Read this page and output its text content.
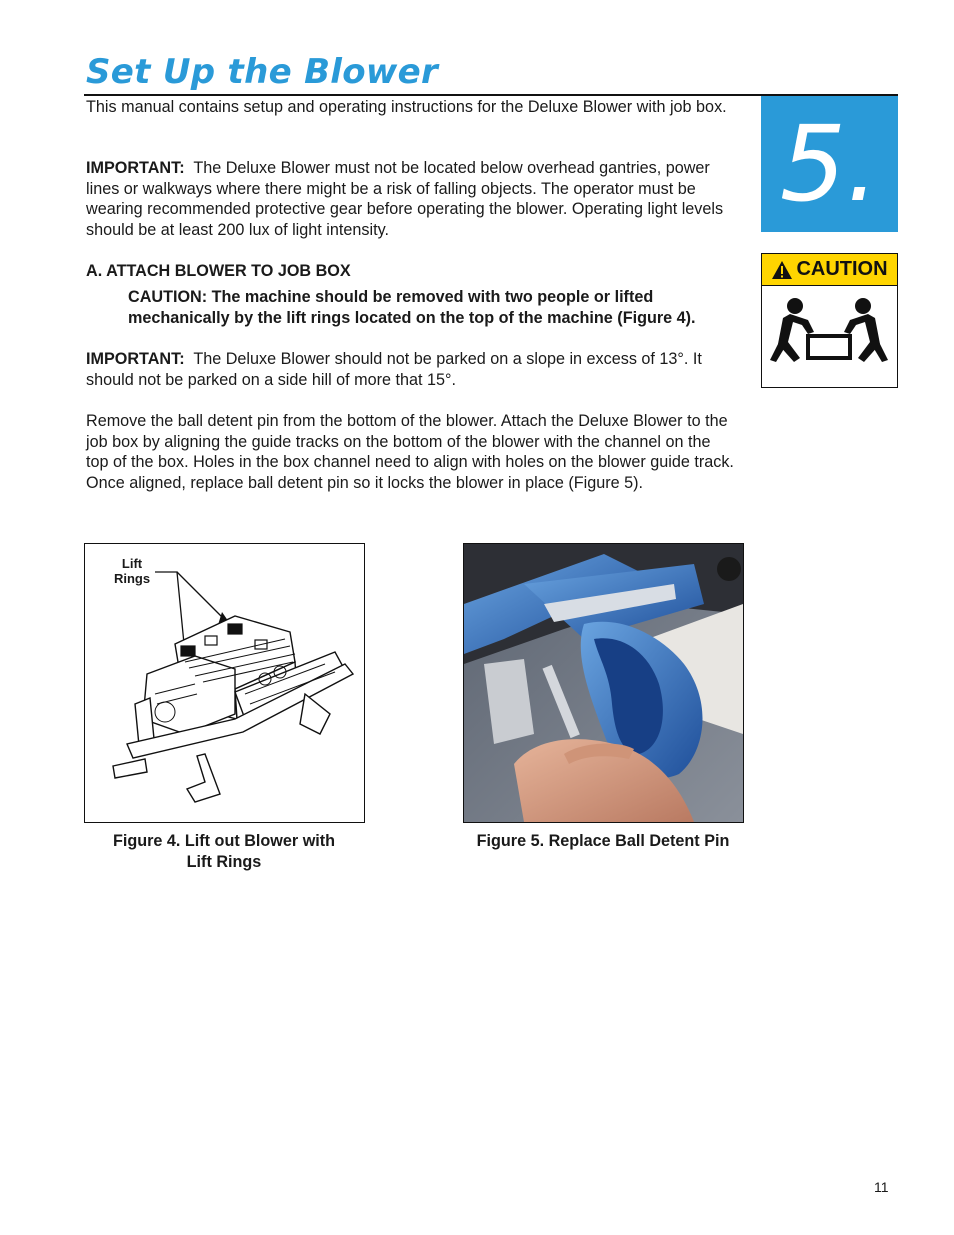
Set Up the Blower
5.
CAUTION

This manual contains setup and operating instructions for the Deluxe Blower with job box.

IMPORTANT: The Deluxe Blower must not be located below overhead gantries, power lines or walkways where there might be a risk of falling objects. The operator must be wearing recommended protective gear before operating the blower. Operating light levels should be at least 200 lux of light intensity.

A. ATTACH BLOWER TO JOB BOX

CAUTION: The machine should be removed with two people or lifted mechanically by the lift rings located on the top of the machine (Figure 4).

IMPORTANT: The Deluxe Blower should not be parked on a slope in excess of 13°. It should not be parked on a side hill of more that 15°.

Remove the ball detent pin from the bottom of the blower. Attach the Deluxe Blower to the job box by aligning the guide tracks on the bottom of the blower with the channel on the top of the box. Holes in the box channel need to align with holes on the blower guide track. Once aligned, replace ball detent pin so it locks the blower in place (Figure 5).

Lift
Rings
Figure 4. Lift out Blower with
Lift Rings
Figure 5. Replace Ball Detent Pin
11
